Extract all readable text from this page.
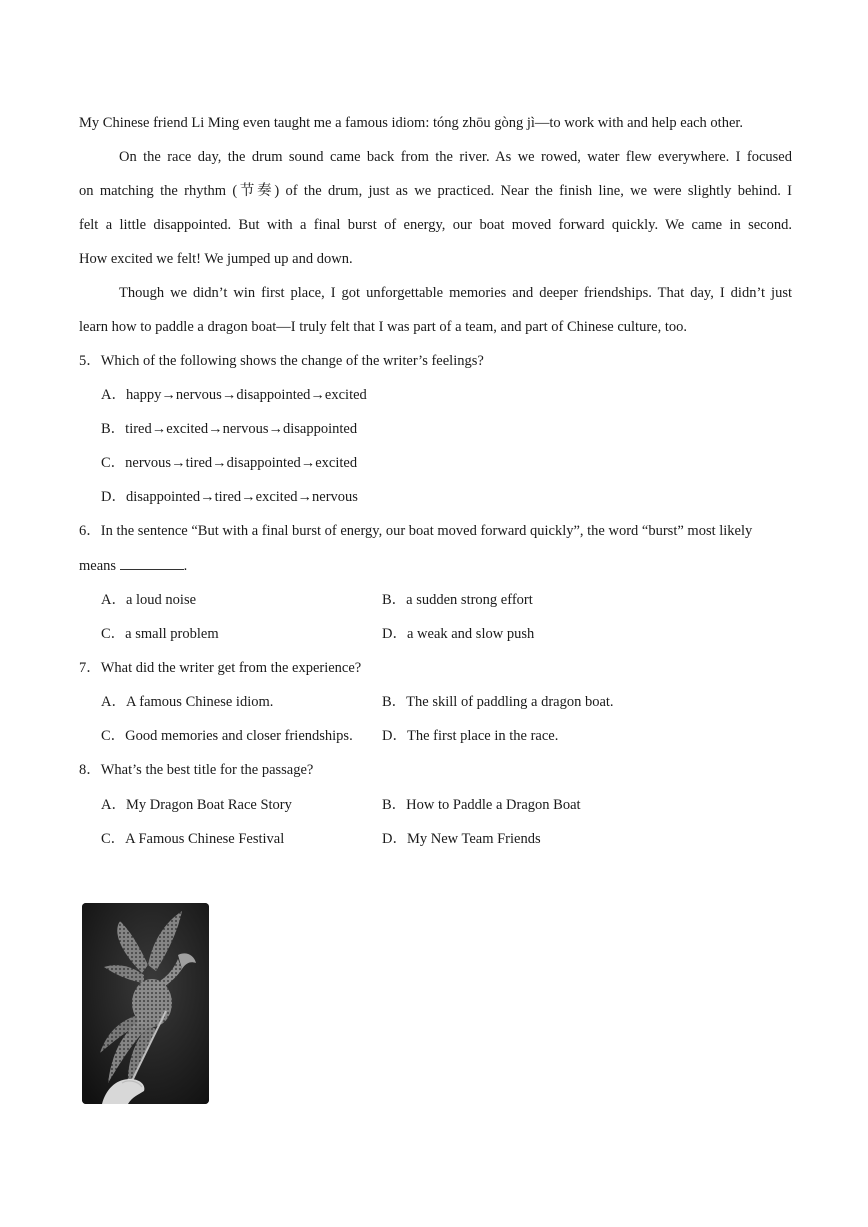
My Chinese friend Li Ming even taught me a famous idiom: tóng zhōu gòng jì—to work with and help each other.
On the race day, the drum sound came back from the river. As we rowed, water flew everywhere. I focused
on matching the rhythm (节奏) of the drum, just as we practiced. Near the finish line, we were slightly behind. I
felt a little disappointed. But with a final burst of energy, our boat moved forward quickly. We came in second.
How excited we felt! We jumped up and down.
Though we didn’t win first place, I got unforgettable memories and deeper friendships. That day, I didn’t just
learn how to paddle a dragon boat—I truly felt that I was part of a team, and part of Chinese culture, too.
5．Which of the following shows the change of the writer’s feelings?
A．happy→nervous→disappointed→excited
B．tired→excited→nervous→disappointed
C．nervous→tired→disappointed→excited
D．disappointed→tired→excited→nervous
6．In the sentence “But with a final burst of energy, our boat moved forward quickly”, the word “burst” most likely
means	.
A．a loud noise	B．a sudden strong effort
C．a small problem	D．a weak and slow push
7．What did the writer get from the experience?
A．A famous Chinese idiom.	B．The skill of paddling a dragon boat.
C．Good memories and closer friendships. D．The first place in the race.
8．What’s the best title for the passage?
A．My Dragon Boat Race Story	B．How to Paddle a Dragon Boat
C．A Famous Chinese Festival	D．My New Team Friends
